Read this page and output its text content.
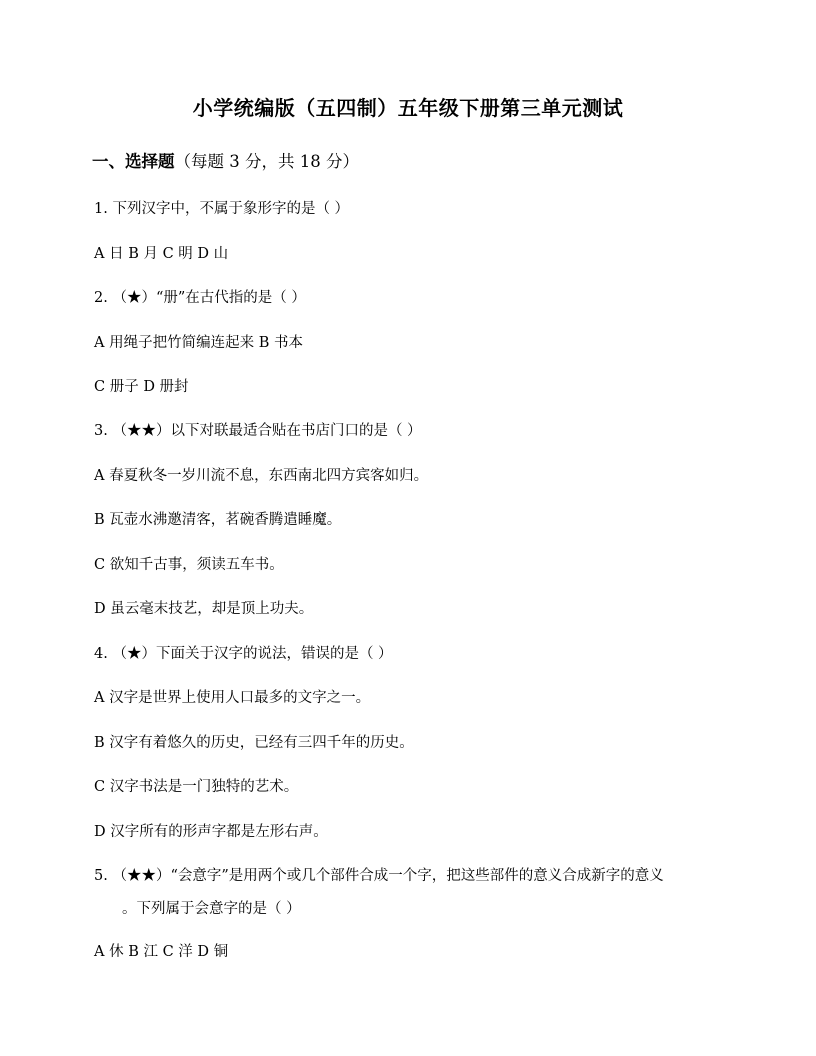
小学统编版（五四制）五年级下册第三单元测试
一、选择题（每题 3 分，共 18 分）
1. 下列汉字中，不属于象形字的是（ ）
A 日 B 月 C 明 D 山
2. （★）“册”在古代指的是（ ）
A 用绳子把竹简编连起来 B 书本
C 册子 D 册封
3. （★★）以下对联最适合贴在书店门口的是（ ）
A 春夏秋冬一岁川流不息，东西南北四方宾客如归。
B 瓦壶水沸邀清客，茗碗香腾遣睡魔。
C 欲知千古事，须读五车书。
D 虽云毫末技艺，却是顶上功夫。
4. （★）下面关于汉字的说法，错误的是（ ）
A 汉字是世界上使用人口最多的文字之一。
B 汉字有着悠久的历史，已经有三四千年的历史。
C 汉字书法是一门独特的艺术。
D 汉字所有的形声字都是左形右声。
5. （★★）“会意字”是用两个或几个部件合成一个字，把这些部件的意义合成新字的意义
。下列属于会意字的是（ ）
A 休 B 江 C 洋 D 铜
